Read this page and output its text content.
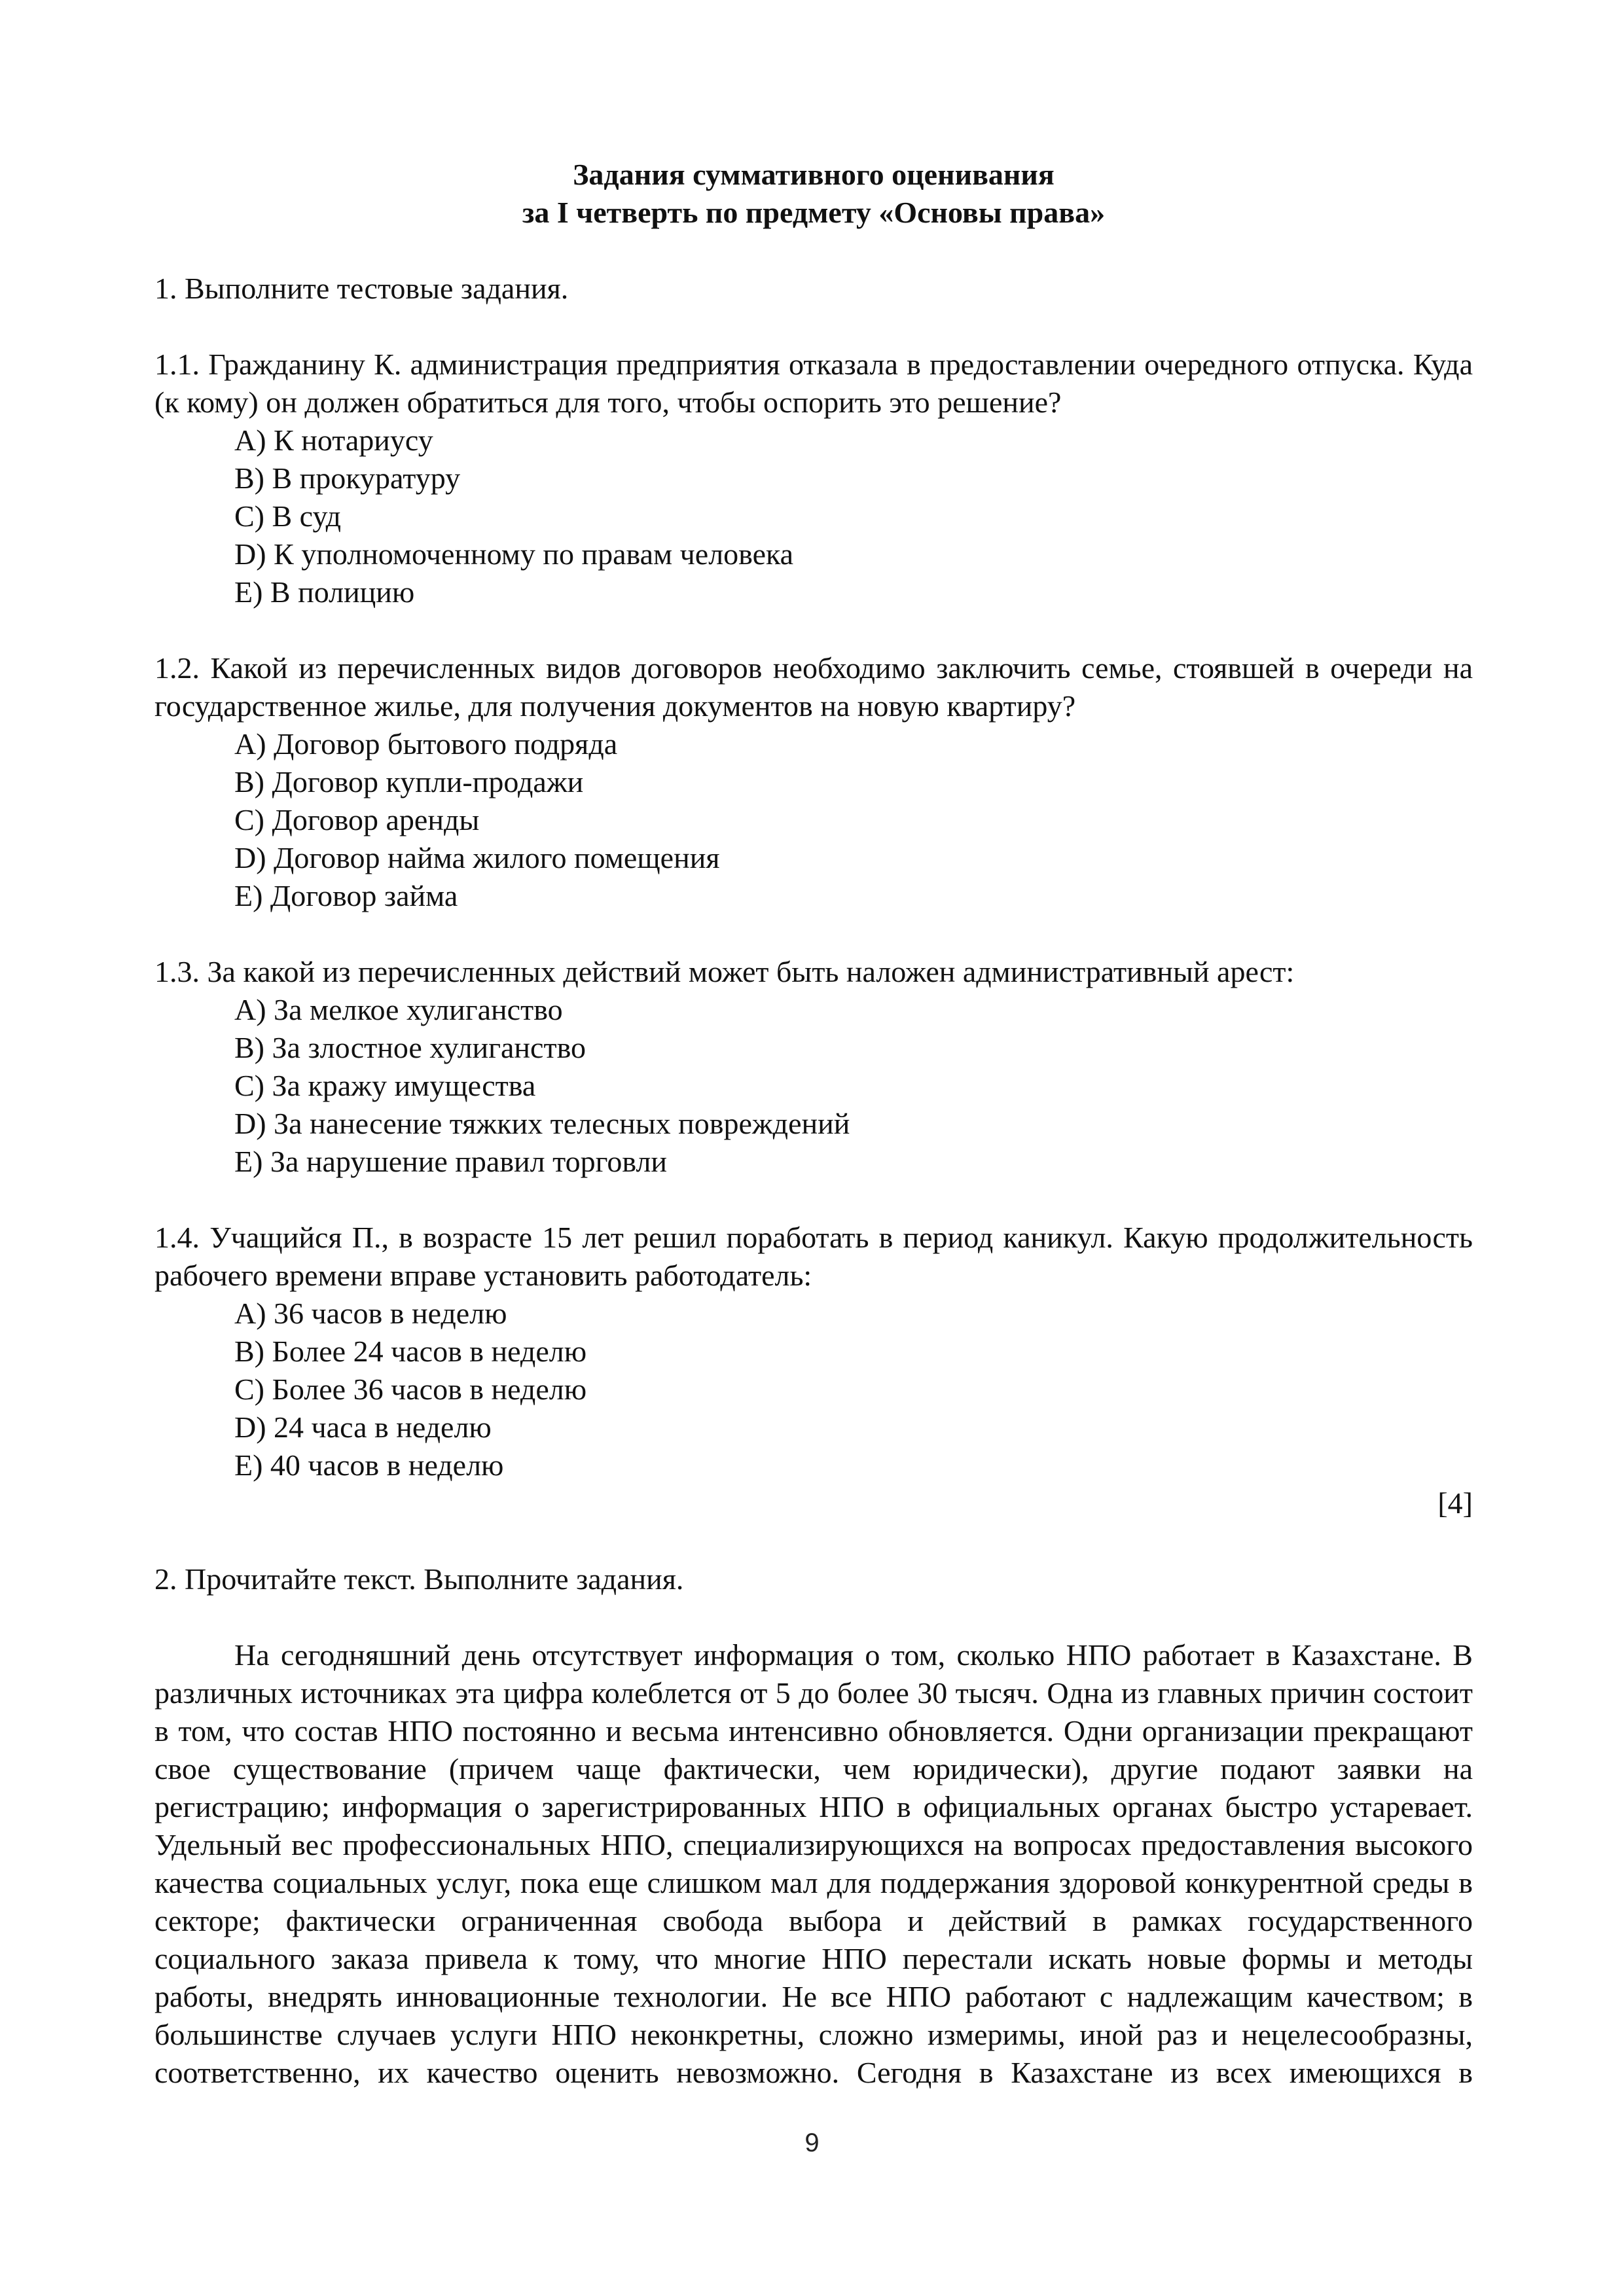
Задания суммативного оценивания
за I четверть по предмету «Основы права»

1. Выполните тестовые задания.

1.1. Гражданину К. администрация предприятия отказала в предоставлении очередного отпуска. Куда (к кому) он должен обратиться для того, чтобы оспорить это решение?

A) К нотариусу
B) В прокуратуру
C) В суд
D) К уполномоченному по правам человека
E) В полицию

1.2. Какой из перечисленных видов договоров необходимо заключить семье, стоявшей в очереди на государственное жилье, для получения документов на новую квартиру?

A) Договор бытового подряда
B) Договор купли-продажи
C) Договор аренды
D) Договор найма жилого помещения
E) Договор займа

1.3. За какой из перечисленных действий может быть наложен административный арест:

A) За мелкое хулиганство
B) За злостное хулиганство
C) За кражу имущества
D) За нанесение тяжких телесных повреждений
E) За нарушение правил торговли

1.4. Учащийся П., в возрасте 15 лет решил поработать в период каникул. Какую продолжительность рабочего времени вправе установить работодатель:

A) 36 часов в неделю
B) Более 24 часов в неделю
C) Более 36 часов в неделю
D) 24 часа в неделю
E) 40 часов в неделю

[4]

2. Прочитайте текст. Выполните задания.

На сегодняшний день отсутствует информация о том, сколько НПО работает в Казахстане. В различных источниках эта цифра колеблется от 5 до более 30 тысяч. Одна из главных причин состоит в том, что состав НПО постоянно и весьма интенсивно обновляется. Одни организации прекращают свое существование (причем чаще фактически, чем юридически), другие подают заявки на регистрацию; информация о зарегистрированных НПО в официальных органах быстро устаревает. Удельный вес профессиональных НПО, специализирующихся на вопросах предоставления высокого качества социальных услуг, пока еще слишком мал для поддержания здоровой конкурентной среды в секторе; фактически ограниченная свобода выбора и действий в рамках государственного социального заказа привела к тому, что многие НПО перестали искать новые формы и методы работы, внедрять инновационные технологии. Не все НПО работают с надлежащим качеством; в большинстве случаев услуги НПО неконкретны, сложно измеримы, иной раз и нецелесообразны, соответственно, их качество оценить невозможно. Сегодня в Казахстане из всех имеющихся в

9
